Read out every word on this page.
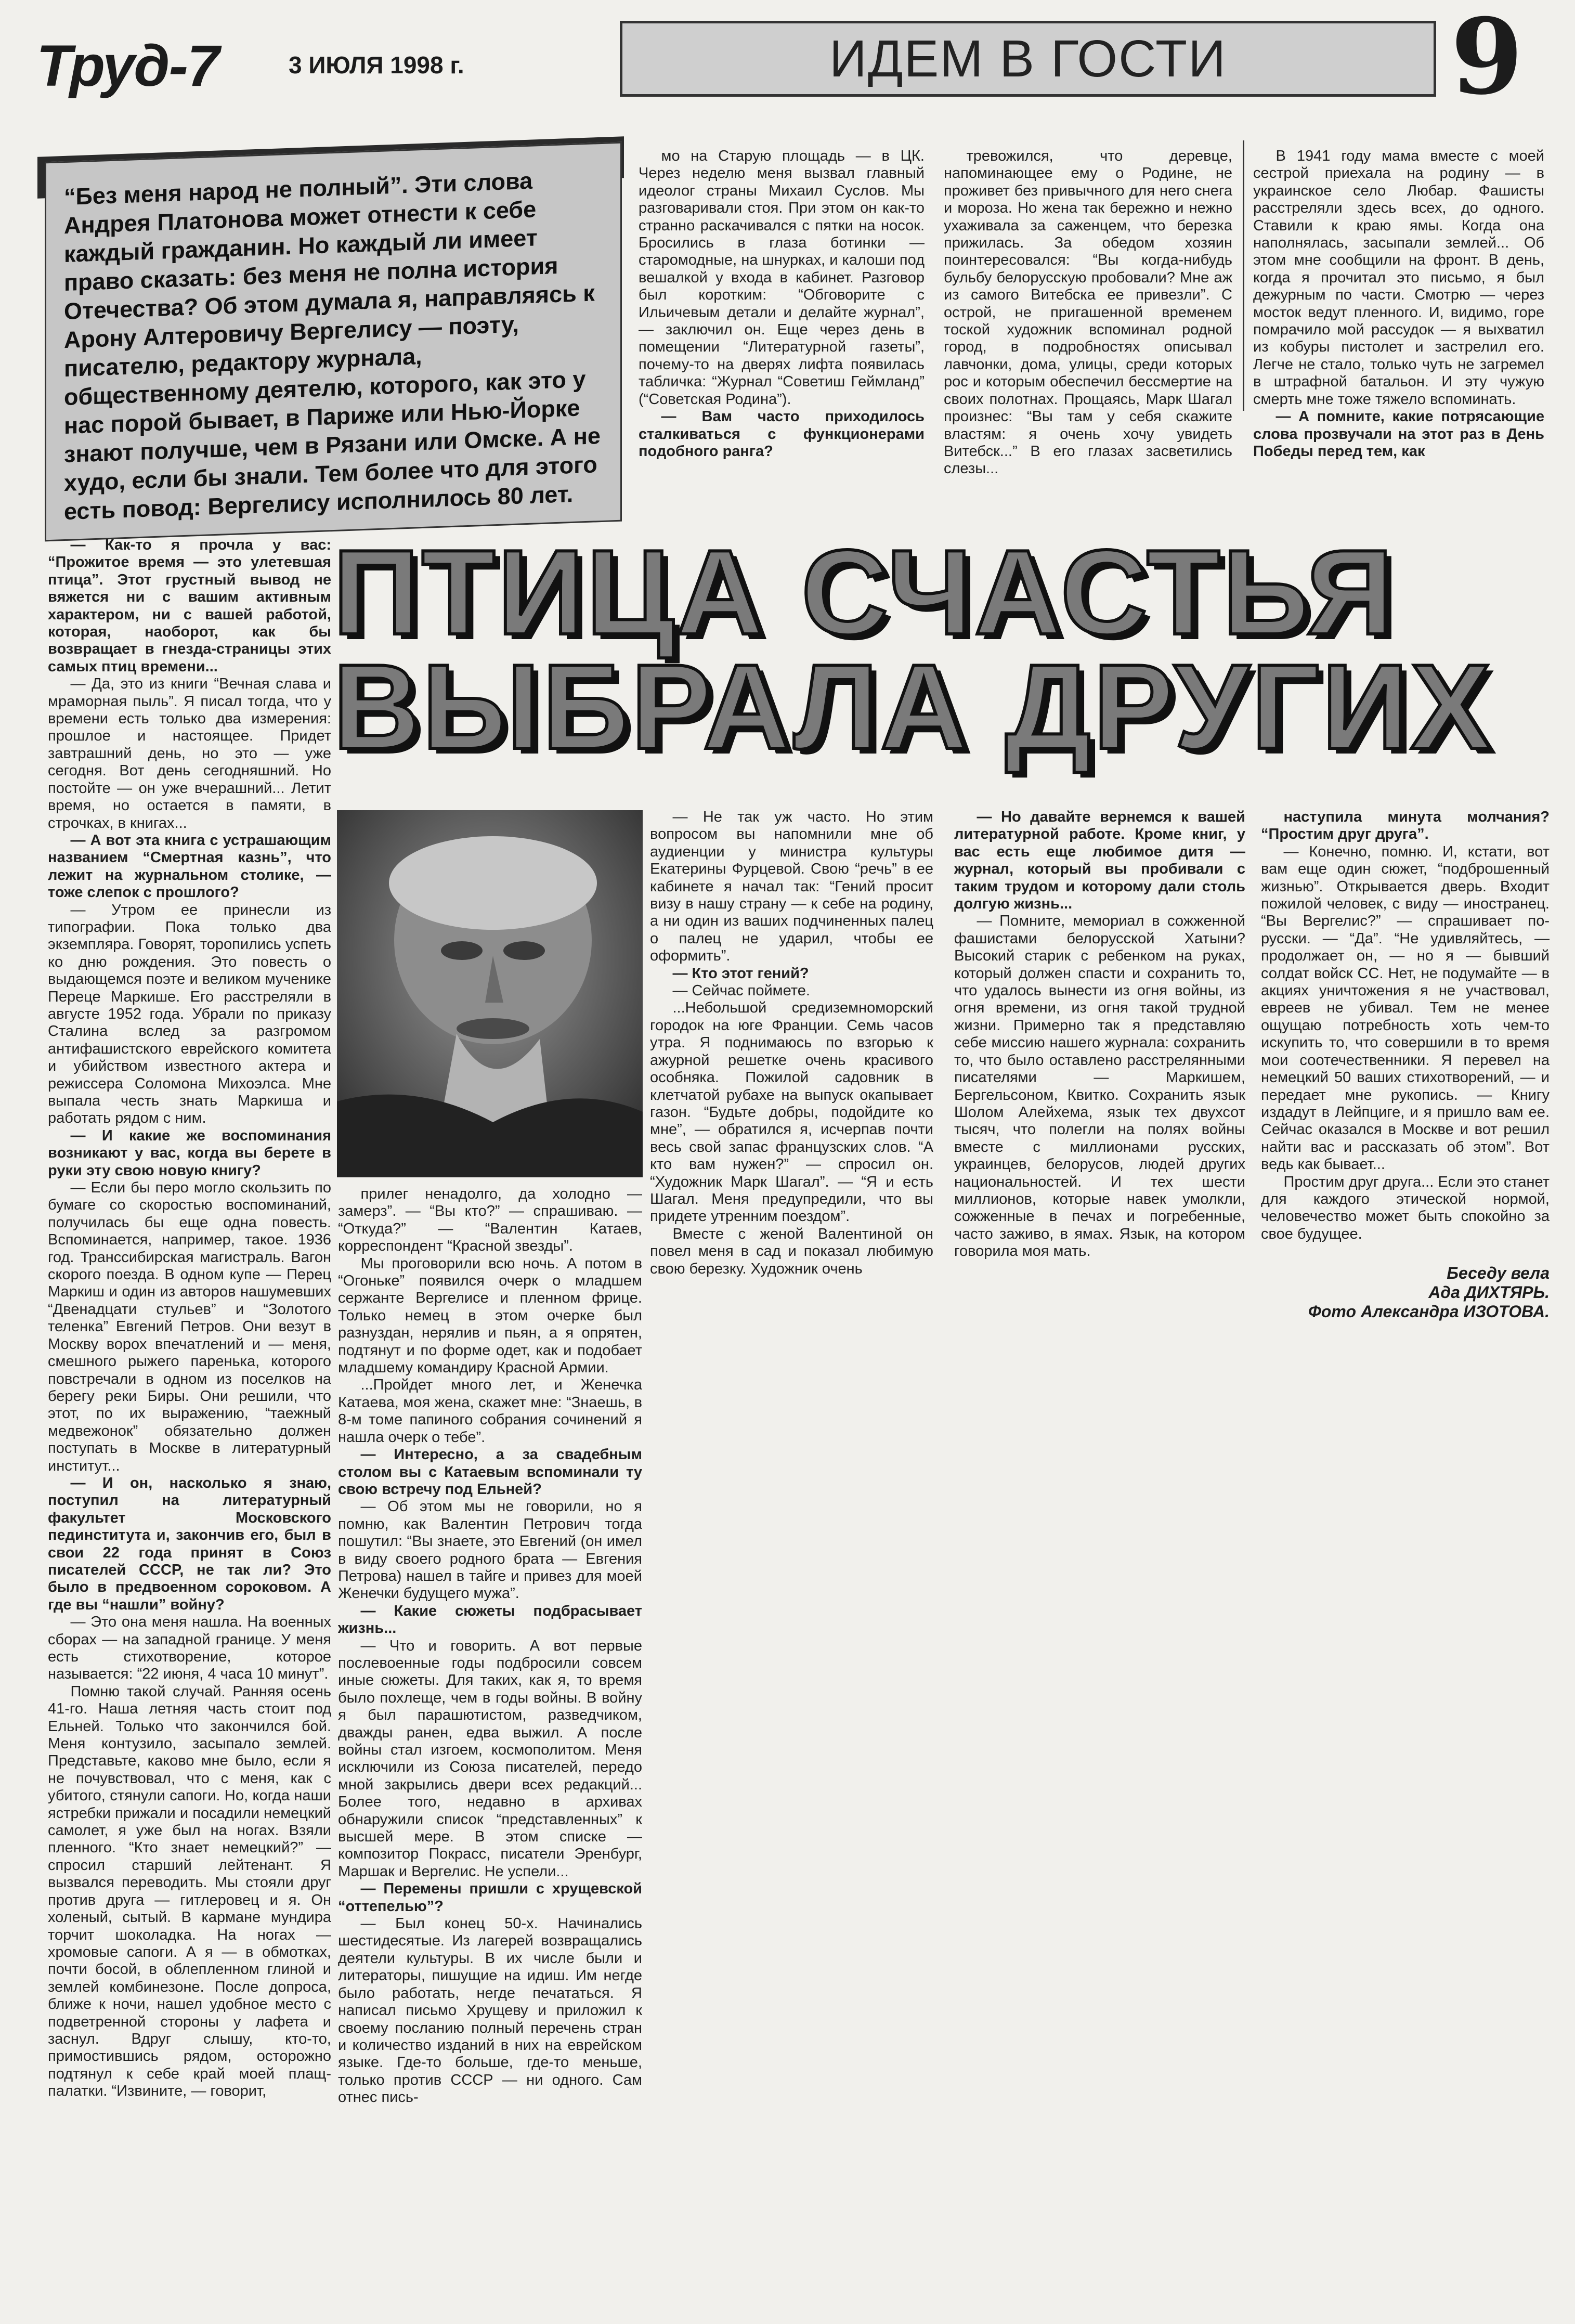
Труд-7	3 ИЮЛЯ 1998 г.	ИДЕМ В ГОСТИ	9
“Без меня народ не полный”. Эти слова Андрея Платонова может отнести к себе каждый гражданин. Но каждый ли имеет право сказать: без меня не полна история Отечества? Об этом думала я, направляясь к Арону Алтеровичу Вергелису — поэту, писателю, редактору журнала, общественному деятелю, которого, как это у нас порой бывает, в Париже или Нью-Йорке знают получше, чем в Рязани или Омске. А не худо, если бы знали. Тем более что для этого есть повод: Вергелису исполнилось 80 лет.

мо на Старую площадь — в ЦК. Через неделю меня вызвал главный идеолог страны Михаил Суслов. Мы разговаривали стоя. При этом он как-то странно раскачивался с пятки на носок. Бросились в глаза ботинки — старомодные, на шнурках, и калоши под вешалкой у входа в кабинет. Разговор был коротким: “Обговорите с Ильичевым детали и делайте журнал”, — заключил он. Еще через день в помещении “Литературной газеты”, почему-то на дверях лифта появилась табличка: “Журнал “Советиш Геймланд” (“Советская Родина”).

— Вам часто приходилось сталкиваться с функционерами подобного ранга?

тревожился, что деревце, напоминающее ему о Родине, не проживет без привычного для него снега и мороза. Но жена так бережно и нежно ухаживала за саженцем, что березка прижилась. За обедом хозяин поинтересовался: “Вы когда-нибудь бульбу белорусскую пробовали? Мне аж из самого Витебска ее привезли”. С острой, не пригашенной временем тоской художник вспоминал родной город, в подробностях описывал лавчонки, дома, улицы, среди которых рос и которым обеспечил бессмертие на своих полотнах. Прощаясь, Марк Шагал произнес: “Вы там у себя скажите властям: я очень хочу увидеть Витебск...” В его глазах засветились слезы...

В 1941 году мама вместе с моей сестрой приехала на родину — в украинское село Любар. Фашисты расстреляли здесь всех, до одного. Ставили к краю ямы. Когда она наполнялась, засыпали землей... Об этом мне сообщили на фронт. В день, когда я прочитал это письмо, я был дежурным по части. Смотрю — через мосток ведут пленного. И, видимо, горе помрачило мой рассудок — я выхватил из кобуры пистолет и застрелил его. Легче не стало, только чуть не загремел в штрафной батальон. И эту чужую смерть мне тоже тяжело вспоминать.

— А помните, какие потрясающие слова прозвучали на этот раз в День Победы перед тем, как

ПТИЦА СЧАСТЬЯ
ВЫБРАЛА ДРУГИХ

— Как-то я прочла у вас: “Прожитое время — это улетевшая птица”. Этот грустный вывод не вяжется ни с вашим активным характером, ни с вашей работой, которая, наоборот, как бы возвращает в гнезда-страницы этих самых птиц времени...

— Да, это из книги “Вечная слава и мраморная пыль”. Я писал тогда, что у времени есть только два измерения: прошлое и настоящее. Придет завтрашний день, но это — уже сегодня. Вот день сегодняшний. Но постойте — он уже вчерашний... Летит время, но остается в памяти, в строчках, в книгах...

— А вот эта книга с устрашающим названием “Смертная казнь”, что лежит на журнальном столике, — тоже слепок с прошлого?

— Утром ее принесли из типографии. Пока только два экземпляра. Говорят, торопились успеть ко дню рождения. Это повесть о выдающемся поэте и великом мученике Переце Маркише. Его расстреляли в августе 1952 года. Убрали по приказу Сталина вслед за разгромом антифашистского еврейского комитета и убийством известного актера и режиссера Соломона Михоэлса. Мне выпала честь знать Маркиша и работать рядом с ним.

— И какие же воспоминания возникают у вас, когда вы берете в руки эту свою новую книгу?

— Если бы перо могло скользить по бумаге со скоростью воспоминаний, получилась бы еще одна повесть. Вспоминается, например, такое. 1936 год. Транссибирская магистраль. Вагон скорого поезда. В одном купе — Перец Маркиш и один из авторов нашумевших “Двенадцати стульев” и “Золотого теленка” Евгений Петров. Они везут в Москву ворох впечатлений и — меня, смешного рыжего паренька, которого повстречали в одном из поселков на берегу реки Биры. Они решили, что этот, по их выражению, “таежный медвежонок” обязательно должен поступать в Москве в литературный институт...

— И он, насколько я знаю, поступил на литературный факультет Московского пединститута и, закончив его, был в свои 22 года принят в Союз писателей СССР, не так ли? Это было в предвоенном сороковом. А где вы “нашли” войну?

— Это она меня нашла. На военных сборах — на западной границе. У меня есть стихотворение, которое называется: “22 июня, 4 часа 10 минут”.

Помню такой случай. Ранняя осень 41-го. Наша летняя часть стоит под Ельней. Только что закончился бой. Меня контузило, засыпало землей. Представьте, каково мне было, если я не почувствовал, что с меня, как с убитого, стянули сапоги. Но, когда наши ястребки прижали и посадили немецкий самолет, я уже был на ногах. Взяли пленного. “Кто знает немецкий?” — спросил старший лейтенант. Я вызвался переводить. Мы стояли друг против друга — гитлеровец и я. Он холеный, сытый. В кармане мундира торчит шоколадка. На ногах — хромовые сапоги. А я — в обмотках, почти босой, в облепленном глиной и землей комбинезоне. После допроса, ближе к ночи, нашел удобное место с подветренной стороны у лафета и заснул. Вдруг слышу, кто-то, примостившись рядом, осторожно подтянул к себе край моей плащ-палатки. “Извините, — говорит,

прилег ненадолго, да холодно — замерз”. — “Вы кто?” — спрашиваю. — “Откуда?” — “Валентин Катаев, корреспондент “Красной звезды”.

Мы проговорили всю ночь. А потом в “Огоньке” появился очерк о младшем сержанте Вергелисе и пленном фрице. Только немец в этом очерке был разнуздан, нерялив и пьян, а я опрятен, подтянут и по форме одет, как и подобает младшему командиру Красной Армии.

...Пройдет много лет, и Женечка Катаева, моя жена, скажет мне: “Знаешь, в 8-м томе папиного собрания сочинений я нашла очерк о тебе”.

— Интересно, а за свадебным столом вы с Катаевым вспоминали ту свою встречу под Ельней?

— Об этом мы не говорили, но я помню, как Валентин Петрович тогда пошутил: “Вы знаете, это Евгений (он имел в виду своего родного брата — Евгения Петрова) нашел в тайге и привез для моей Женечки будущего мужа”.

— Какие сюжеты подбрасывает жизнь...

— Что и говорить. А вот первые послевоенные годы подбросили совсем иные сюжеты. Для таких, как я, то время было похлеще, чем в годы войны. В войну я был парашютистом, разведчиком, дважды ранен, едва выжил. А после войны стал изгоем, космополитом. Меня исключили из Союза писателей, передо мной закрылись двери всех редакций... Более того, недавно в архивах обнаружили список “представленных” к высшей мере. В этом списке — композитор Покрасс, писатели Эренбург, Маршак и Вергелис. Не успели...

— Перемены пришли с хрущевской “оттепелью”?

— Был конец 50-х. Начинались шестидесятые. Из лагерей возвращались деятели культуры. В их числе были и литераторы, пишущие на идиш. Им негде было работать, негде печататься. Я написал письмо Хрущеву и приложил к своему посланию полный перечень стран и количество изданий в них на еврейском языке. Где-то больше, где-то меньше, только против СССР — ни одного. Сам отнес пись-

— Не так уж часто. Но этим вопросом вы напомнили мне об аудиенции у министра культуры Екатерины Фурцевой. Свою “речь” в ее кабинете я начал так: “Гений просит визу в нашу страну — к себе на родину, а ни один из ваших подчиненных палец о палец не ударил, чтобы ее оформить”.

— Кто этот гений?

— Сейчас поймете.

...Небольшой средиземноморский городок на юге Франции. Семь часов утра. Я поднимаюсь по взгорью к ажурной решетке очень красивого особняка. Пожилой садовник в клетчатой рубахе на выпуск окапывает газон. “Будьте добры, подойдите ко мне”, — обратился я, исчерпав почти весь свой запас французских слов. “А кто вам нужен?” — спросил он. “Художник Марк Шагал”. — “Я и есть Шагал. Меня предупредили, что вы придете утренним поездом”.

Вместе с женой Валентиной он повел меня в сад и показал любимую свою березку. Художник очень

— Но давайте вернемся к вашей литературной работе. Кроме книг, у вас есть еще любимое дитя — журнал, который вы пробивали с таким трудом и которому дали столь долгую жизнь...

— Помните, мемориал в сожженной фашистами белорусской Хатыни? Высокий старик с ребенком на руках, который должен спасти и сохранить то, что удалось вынести из огня войны, из огня времени, из огня такой трудной жизни. Примерно так я представляю себе миссию нашего журнала: сохранить то, что было оставлено расстрелянными писателями — Маркишем, Бергельсоном, Квитко. Сохранить язык Шолом Алейхема, язык тех двухсот тысяч, что полегли на полях войны вместе с миллионами русских, украинцев, белорусов, людей других национальностей. И тех шести миллионов, которые навек умолкли, сожженные в печах и погребенные, часто заживо, в ямах. Язык, на котором говорила моя мать.

наступила минута молчания? “Простим друг друга”.

— Конечно, помню. И, кстати, вот вам еще один сюжет, “подброшенный жизнью”. Открывается дверь. Входит пожилой человек, с виду — иностранец. “Вы Вергелис?” — спрашивает по-русски. — “Да”. “Не удивляйтесь, — продолжает он, — но я — бывший солдат войск СС. Нет, не подумайте — в акциях уничтожения я не участвовал, евреев не убивал. Тем не менее ощущаю потребность хоть чем-то искупить то, что совершили в то время мои соотечественники. Я перевел на немецкий 50 ваших стихотворений, — и передает мне рукопись. — Книгу издадут в Лейпциге, и я пришло вам ее. Сейчас оказался в Москве и вот решил найти вас и рассказать об этом”. Вот ведь как бывает...

Простим друг друга... Если это станет для каждого этической нормой, человечество может быть спокойно за свое будущее.

Беседу вела
Ада ДИХТЯРЬ.
Фото Александра ИЗОТОВА.
